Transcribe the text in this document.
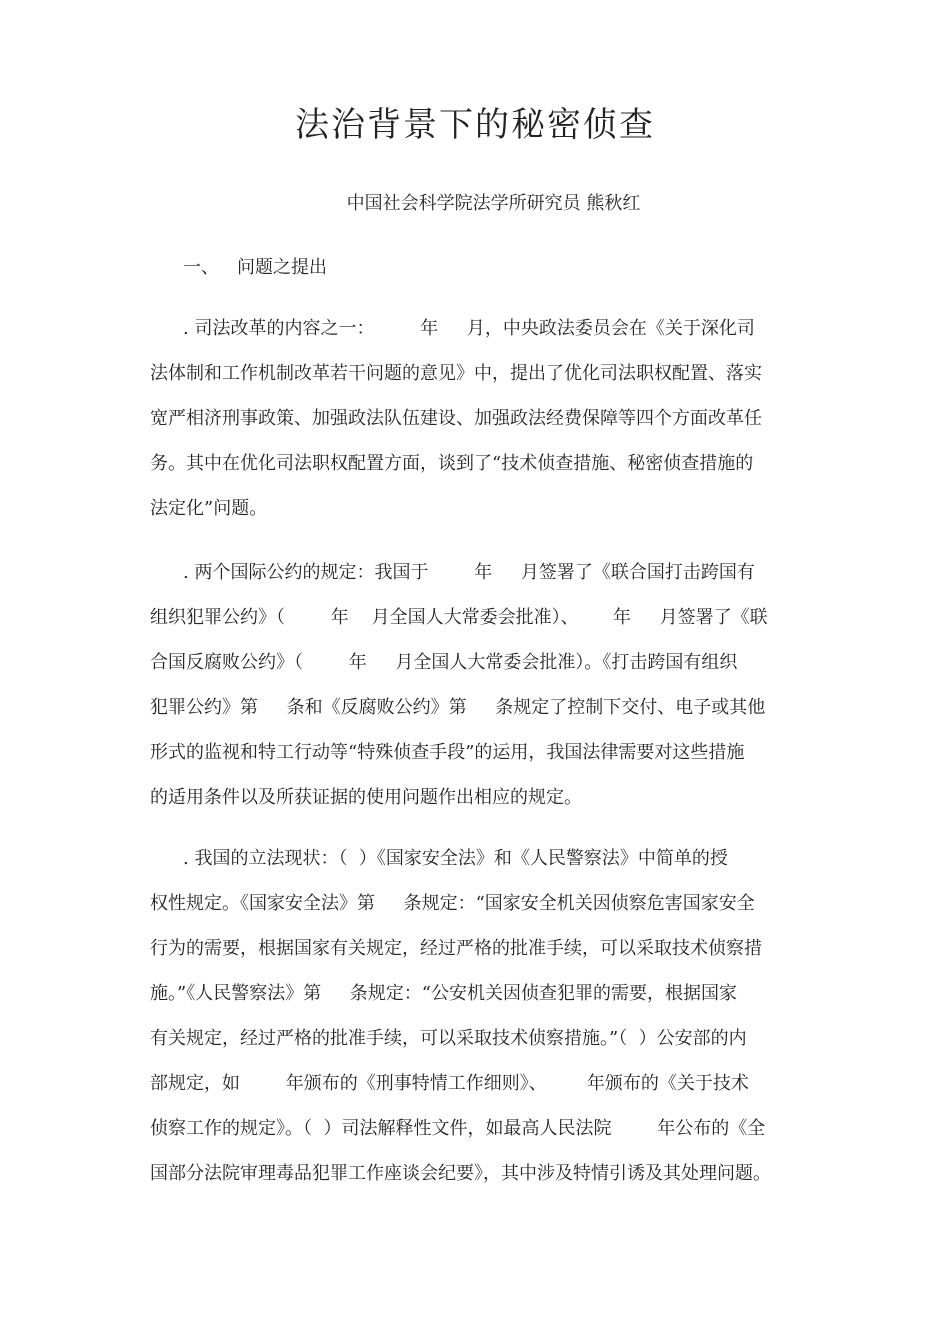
法治背景下的秘密侦查
中国社会科学院法学所研究员 熊秋红
一、 问题之提出
. 司法改革的内容之一：        年     月，中央政法委员会在《关于深化司
法体制和工作机制改革若干问题的意见》中，提出了优化司法职权配置、落实
宽严相济刑事政策、加强政法队伍建设、加强政法经费保障等四个方面改革任
务。其中在优化司法职权配置方面，谈到了“技术侦查措施、秘密侦查措施的
法定化”问题。
. 两个国际公约的规定：我国于        年     月签署了《联合国打击跨国有
组织犯罪公约》（        年    月全国人大常委会批准）、      年     月签署了《联
合国反腐败公约》（        年     月全国人大常委会批准）。《打击跨国有组织
犯罪公约》第     条和《反腐败公约》第     条规定了控制下交付、电子或其他
形式的监视和特工行动等“特殊侦查手段”的运用，我国法律需要对这些措施
的适用条件以及所获证据的使用问题作出相应的规定。
. 我国的立法现状：（  ）《国家安全法》和《人民警察法》中简单的授
权性规定。《国家安全法》第     条规定：“国家安全机关因侦察危害国家安全
行为的需要，根据国家有关规定，经过严格的批准手续，可以采取技术侦察措
施。”《人民警察法》第     条规定：“公安机关因侦查犯罪的需要，根据国家
有关规定，经过严格的批准手续，可以采取技术侦察措施。”（  ）公安部的内
部规定，如        年颁布的《刑事特情工作细则》、       年颁布的《关于技术
侦察工作的规定》。（  ）司法解释性文件，如最高人民法院        年公布的《全
国部分法院审理毒品犯罪工作座谈会纪要》，其中涉及特情引诱及其处理问题。
